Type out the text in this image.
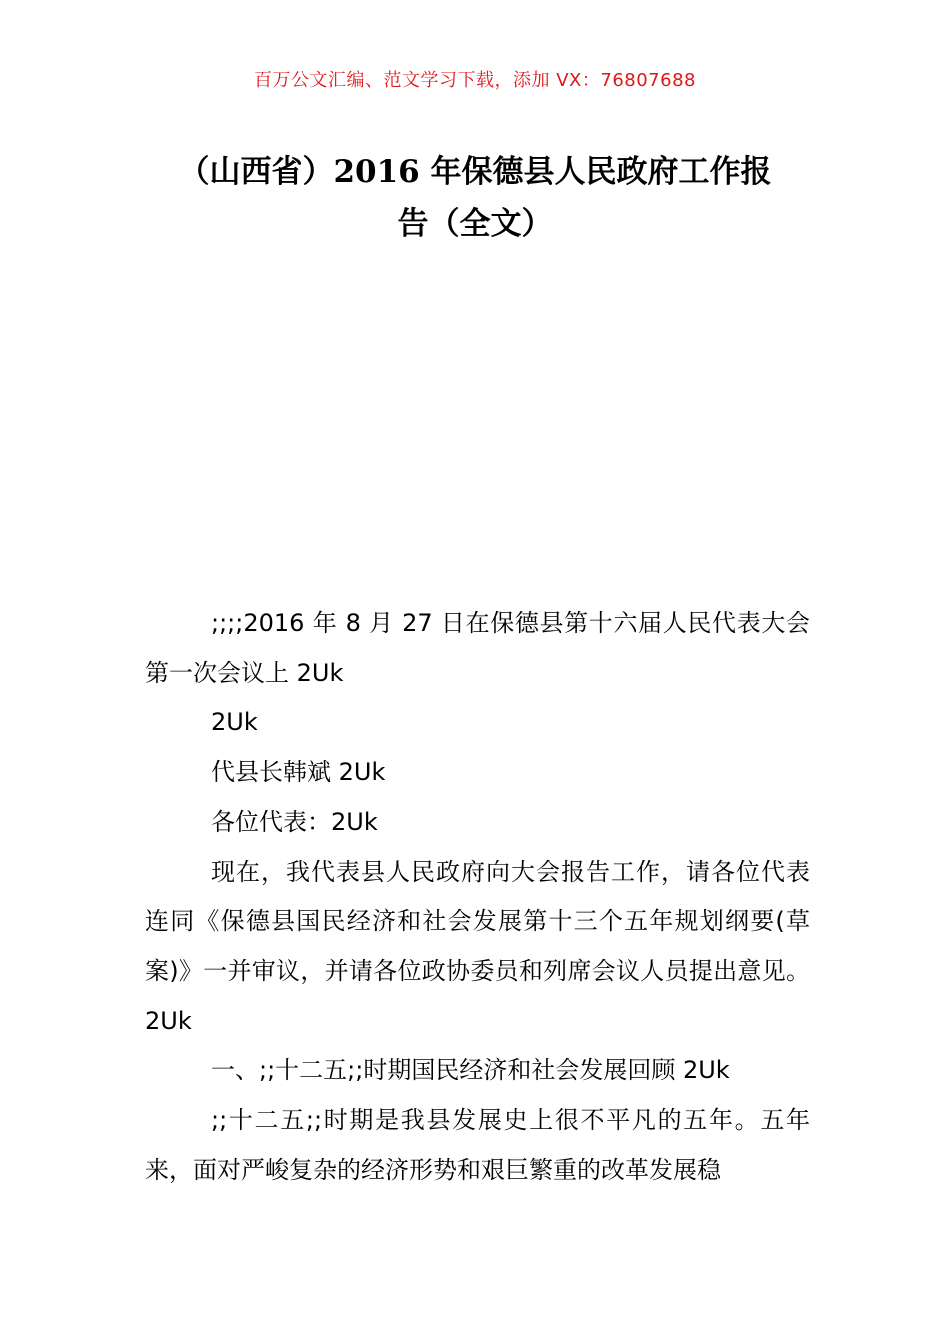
百万公文汇编、范文学习下载，添加 VX：76807688
（山西省）2016 年保德县人民政府工作报
告（全文）

;;;;2016 年 8 月 27 日在保德县第十六届人民代表大会第一次会议上 2Uk

2Uk

代县长韩斌 2Uk

各位代表：2Uk

现在，我代表县人民政府向大会报告工作，请各位代表连同《保德县国民经济和社会发展第十三个五年规划纲要(草案)》一并审议，并请各位政协委员和列席会议人员提出意见。2Uk

一、;;十二五;;时期国民经济和社会发展回顾 2Uk

;;十二五;;时期是我县发展史上很不平凡的五年。五年来，面对严峻复杂的经济形势和艰巨繁重的改革发展稳
